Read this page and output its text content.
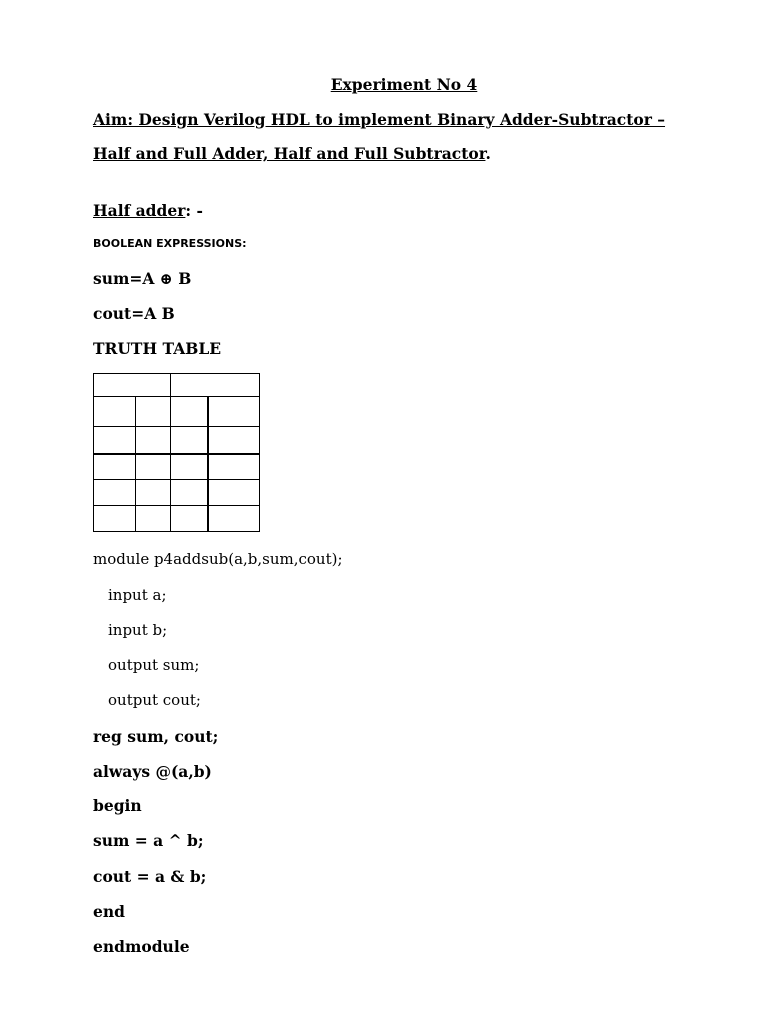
Experiment No 4
Aim: Design Verilog HDL to implement Binary Adder-Subtractor –
Half and Full Adder, Half and Full Subtractor.
Half adder: -
BOOLEAN EXPRESSIONS:
sum=A ⊕ B
cout=A B
TRUTH TABLE

module p4addsub(a,b,sum,cout);
input a;
input b;
output sum;
output cout;
reg sum, cout;
always @(a,b)
begin
sum = a ^ b;
cout = a & b;
end
endmodule
